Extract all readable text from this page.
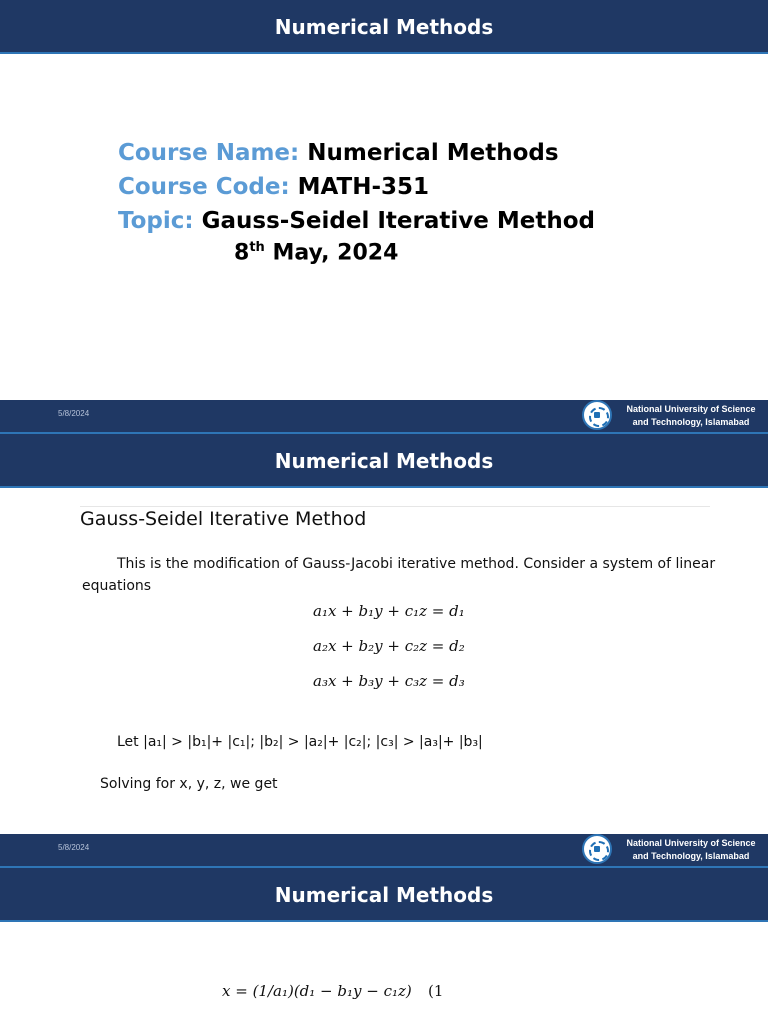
Numerical Methods
Course Name: Numerical Methods
Course Code: MATH-351
Topic: Gauss-Seidel Iterative Method
8th May, 2024
5/8/2024	National University of Science
and Technology, Islamabad
Numerical Methods
Gauss-Seidel Iterative Method
This is the modification of Gauss-Jacobi iterative method. Consider a system of linear
equations
a₁x + b₁y + c₁z = d₁
a₂x + b₂y + c₂z = d₂
a₃x + b₃y + c₃z = d₃
Let |a₁| > |b₁|+ |c₁|; |b₂| > |a₂|+ |c₂|; |c₃| > |a₃|+ |b₃|
Solving for x, y, z, we get
5/8/2024	National University of Science
and Technology, Islamabad
Numerical Methods
x = (1/a₁)(d₁ − b₁y − c₁z) (1
